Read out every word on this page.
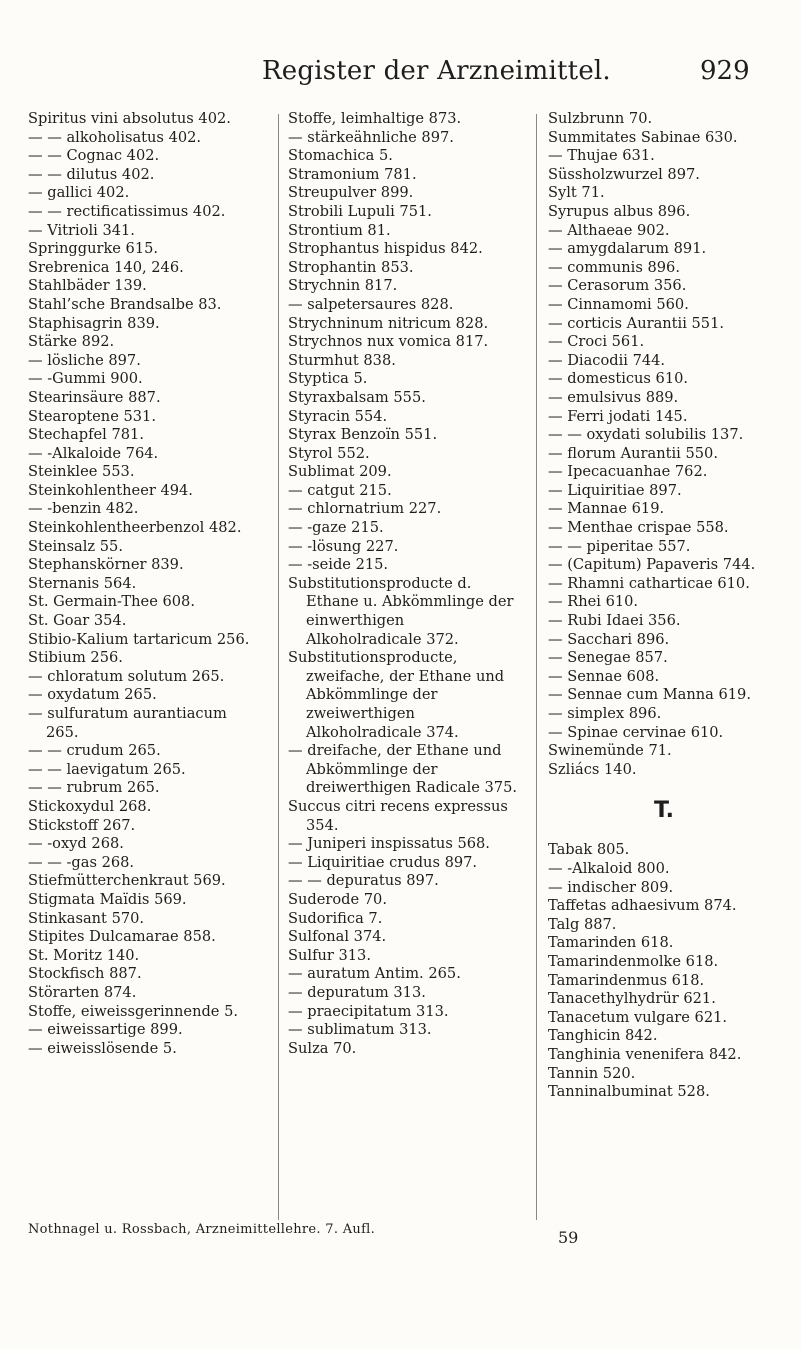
Register der Arzneimittel.	929

Spiritus vini absolutus 402.

— — alkoholisatus 402.

— — Cognac 402.

— — dilutus 402.

— gallici 402.

— — rectificatissimus 402.

— Vitrioli 341.

Springgurke 615.

Srebrenica 140, 246.

Stahlbäder 139.

Stahl’sche Brandsalbe 83.

Staphisagrin 839.

Stärke 892.

— lösliche 897.

— -Gummi 900.

Stearinsäure 887.

Stearoptene 531.

Stechapfel 781.

— -Alkaloide 764.

Steinklee 553.

Steinkohlentheer 494.

— -benzin 482.

Steinkohlentheerbenzol 482.

Steinsalz 55.

Stephanskörner 839.

Sternanis 564.

St. Germain-Thee 608.

St. Goar 354.

Stibio-Kalium tartaricum 256.

Stibium 256.

— chloratum solutum 265.

— oxydatum 265.

— sulfuratum aurantiacum 265.

— — crudum 265.

— — laevigatum 265.

— — rubrum 265.

Stickoxydul 268.

Stickstoff 267.

— -oxyd 268.

— — -gas 268.

Stiefmütterchenkraut 569.

Stigmata Maïdis 569.

Stinkasant 570.

Stipites Dulcamarae 858.

St. Moritz 140.

Stockfisch 887.

Störarten 874.

Stoffe, eiweissgerinnende 5.

— eiweissartige 899.

— eiweisslösende 5.

Stoffe, leimhaltige 873.

— stärkeähnliche 897.

Stomachica 5.

Stramonium 781.

Streupulver 899.

Strobili Lupuli 751.

Strontium 81.

Strophantus hispidus 842.

Strophantin 853.

Strychnin 817.

— salpetersaures 828.

Strychninum nitricum 828.

Strychnos nux vomica 817.

Sturmhut 838.

Styptica 5.

Styraxbalsam 555.

Styracin 554.

Styrax Benzoïn 551.

Styrol 552.

Sublimat 209.

— catgut 215.

— chlornatrium 227.

— -gaze 215.

— -lösung 227.

— -seide 215.

Substitutionsproducte d. Ethane u. Abkömmlinge der einwerthigen Alkoholradicale 372.

Substitutionsproducte, zweifache, der Ethane und Abkömmlinge der zweiwerthigen Alkoholradicale 374.

— dreifache, der Ethane und Abkömmlinge der dreiwerthigen Radicale 375.

Succus citri recens expressus 354.

— Juniperi inspissatus 568.

— Liquiritiae crudus 897.

— — depuratus 897.

Suderode 70.

Sudorifica 7.

Sulfonal 374.

Sulfur 313.

— auratum Antim. 265.

— depuratum 313.

— praecipitatum 313.

— sublimatum 313.

Sulza 70.

Sulzbrunn 70.

Summitates Sabinae 630.

— Thujae 631.

Süssholzwurzel 897.

Sylt 71.

Syrupus albus 896.

— Althaeae 902.

— amygdalarum 891.

— communis 896.

— Cerasorum 356.

— Cinnamomi 560.

— corticis Aurantii 551.

— Croci 561.

— Diacodii 744.

— domesticus 610.

— emulsivus 889.

— Ferri jodati 145.

— — oxydati solubilis 137.

— florum Aurantii 550.

— Ipecacuanhae 762.

— Liquiritiae 897.

— Mannae 619.

— Menthae crispae 558.

— — piperitae 557.

— (Capitum) Papaveris 744.

— Rhamni catharticae 610.

— Rhei 610.

— Rubi Idaei 356.

— Sacchari 896.

— Senegae 857.

— Sennae 608.

— Sennae cum Manna 619.

— simplex 896.

— Spinae cervinae 610.

Swinemünde 71.

Szliács 140.

T.

Tabak 805.

— -Alkaloid 800.

— indischer 809.

Taffetas adhaesivum 874.

Talg 887.

Tamarinden 618.

Tamarindenmolke 618.

Tamarindenmus 618.

Tanacethylhydrür 621.

Tanacetum vulgare 621.

Tanghicin 842.

Tanghinia venenifera 842.

Tannin 520.

Tanninalbuminat 528.

Nothnagel u. Rossbach, Arzneimittellehre. 7. Aufl.	59
